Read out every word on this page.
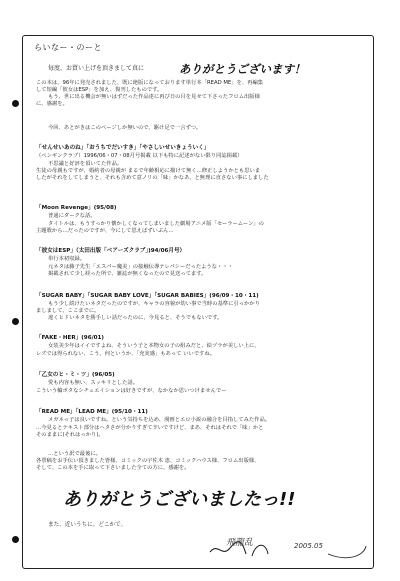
らいなー・のーと
毎度、お買い上げを頂きまして真に	ありがとうございます！
この本は、96年に発売されました、既に絶版になっております単行本「READ ME」を、再編集
して短編「彼女はESP」を加え、復刊したものです。
もう、世に出る機会が無いはずだった作品達に再び日の目を見せて下さったフロム出版様
に、感謝を。
今回、あとがきはこのページしか無いので、駆け足で一言ずつ。
「せんせいあのね」「おうちでだいすき」「やさしいせいきょういく」
（ペンギンクラブ）1996/06・07・08月号掲載 以下も特に記述がない限り同誌掲載）
不思議と好評を頂いてた作品。
生徒の母親もですが、婚約者の母親が まるで年齢相応に描けて無く…修正しようかとも思いま
したがそれをしてしまうと、それも含めて意ノリの「味」かなあ、と無理に直さない事にしました
「Moon Revenge」(95/08)
普通にダークな話。
タイトルは、もうすっかり懐かしくなってしまいました劇場アニメ版「セーラームーン」の
主題歌から…だったのですが、今にして思えばずいぶん…
「彼女はESP」（太田出版「ベアーズクラブ」)94/06月号）
単行本初収録。
元ネタは藤子先生「エスパー魔美」の接触伝導テレパシーだったような・・・
掲載されて少し経った所で、雑誌が無くなったので見送ってます。
「SUGAR BABY」「SUGAR BABY LOVE」「SUGAR BABIES」(96/09・10・11)
もう少し続けたいネタだったのですが、キャラの容貌が幼い事で当時の基準に引っかかり
ましまして、ここまでに。
違くヒドいネタを勝手しい話だったのに、今見ると、そうでもないです。
「FAKE・HER」(96/01)
女装美少年はイイですよね、そういう子と本物女の子の組みだと、絵ヅラが美しい上に、
レズでは得られない、こう、何というか、「充実感」もあって いいですね。
「乙女のヒ・ミ・ツ」(96/05)
愛も内容も無い、スッキリとした話。
こういう輪ボタなシチュエイションは好きですが、なかなか思いつけませんでー
「READ ME」「LEAD ME」(95/10・11)
メガネっ子は良いですね。という気持ちを込め、漫画とエロ小説の融合を目指してみた作品。
…今見るとテキスト部分はヘタさが分かりすぎて辛いですけど、まあ、それはそれで「味」かと
そのままに(それはっかり)。
…という訳で最後に。
各票稿をお手伝い頂きました皆様、コミックの宇佐木 恵、コミックハウス様、フロム出版様、
そして、この本を手に取って下さいました全ての方に、感謝を。
ありがとうございましたっ!!
また、近いうちに。どこかで。
飛龍乱	2005.05
